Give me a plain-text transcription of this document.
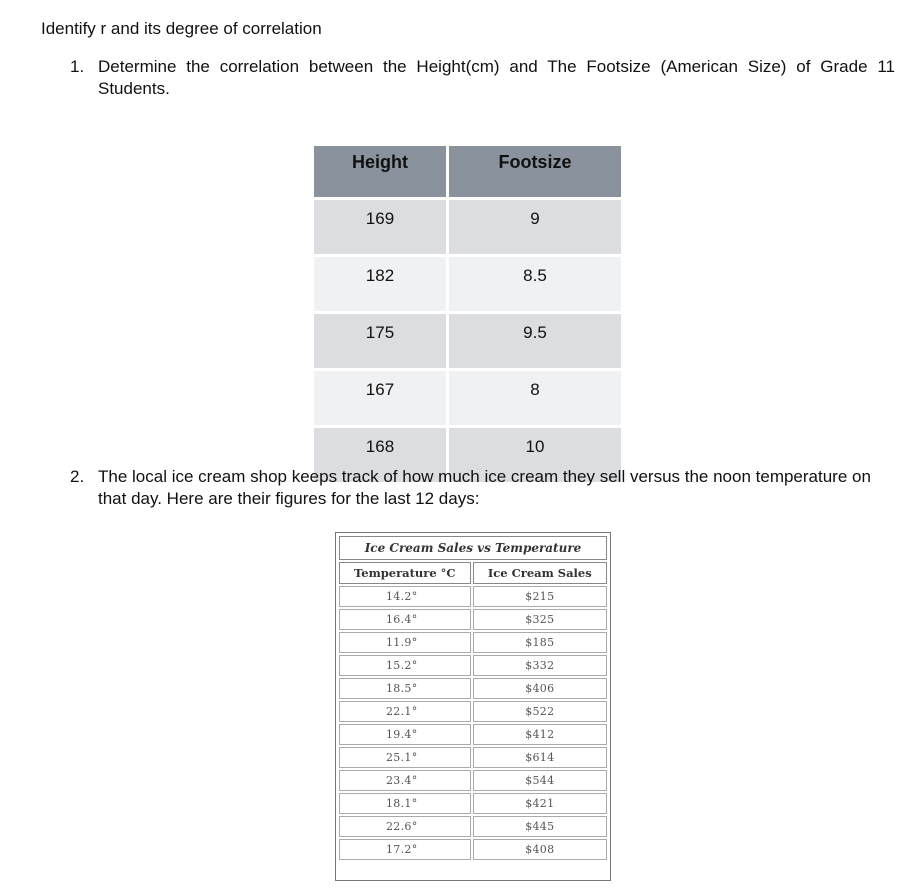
Identify r and its degree of correlation
1. Determine the correlation between the Height(cm) and The Footsize (American Size) of Grade 11 Students.
Height	Footsize
169	9
182	8.5
175	9.5
167	8
168	10
2. The local ice cream shop keeps track of how much ice cream they sell versus the noon temperature on that day. Here are their figures for the last 12 days:
Ice Cream Sales vs Temperature
Temperature °C	Ice Cream Sales
14.2°	$215
16.4°	$325
11.9°	$185
15.2°	$332
18.5°	$406
22.1°	$522
19.4°	$412
25.1°	$614
23.4°	$544
18.1°	$421
22.6°	$445
17.2°	$408
